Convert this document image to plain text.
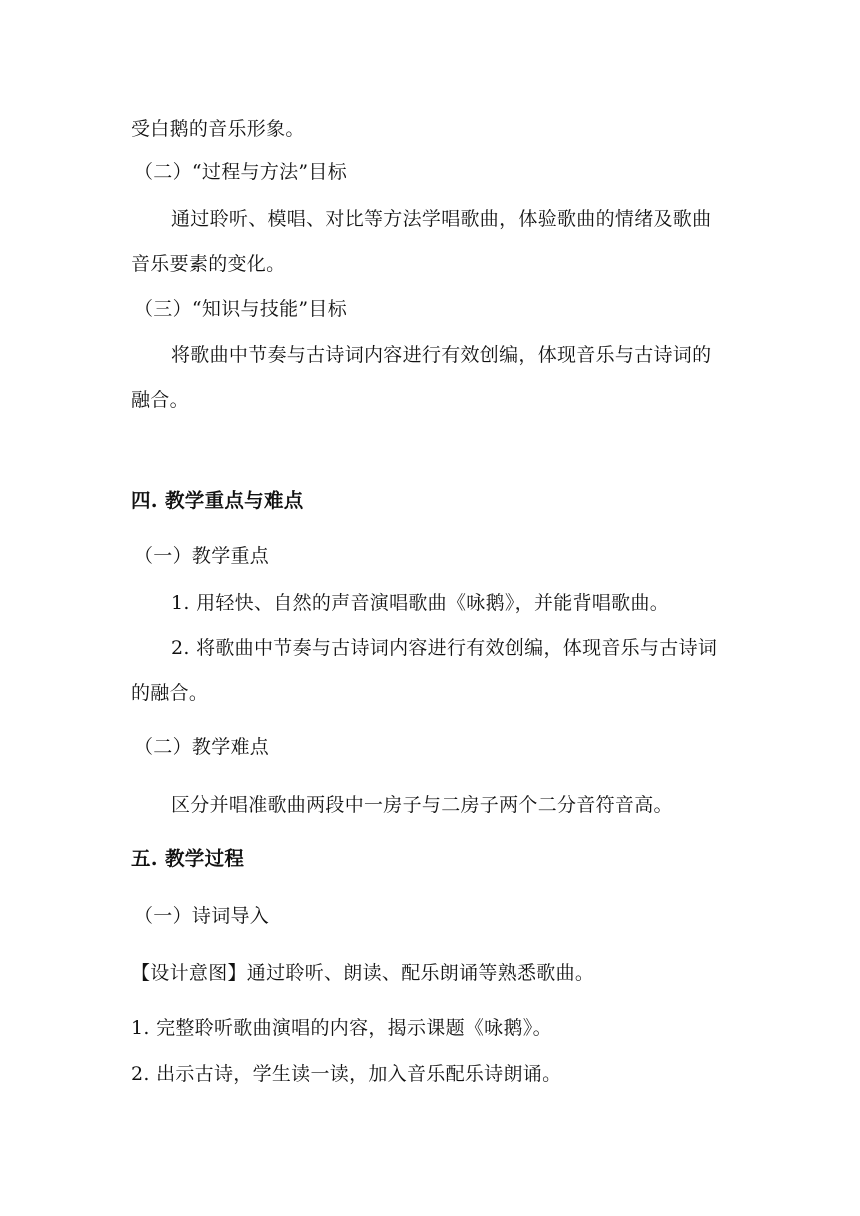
受白鹅的音乐形象。
（二）“过程与方法”目标
通过聆听、模唱、对比等方法学唱歌曲，体验歌曲的情绪及歌曲
音乐要素的变化。
（三）“知识与技能”目标
将歌曲中节奏与古诗词内容进行有效创编，体现音乐与古诗词的
融合。
四. 教学重点与难点
（一）教学重点
1. 用轻快、自然的声音演唱歌曲《咏鹅》，并能背唱歌曲。
2. 将歌曲中节奏与古诗词内容进行有效创编，体现音乐与古诗词
的融合。
（二）教学难点
区分并唱准歌曲两段中一房子与二房子两个二分音符音高。
五. 教学过程
（一）诗词导入
【设计意图】通过聆听、朗读、配乐朗诵等熟悉歌曲。
1. 完整聆听歌曲演唱的内容，揭示课题《咏鹅》。
2. 出示古诗，学生读一读，加入音乐配乐诗朗诵。
